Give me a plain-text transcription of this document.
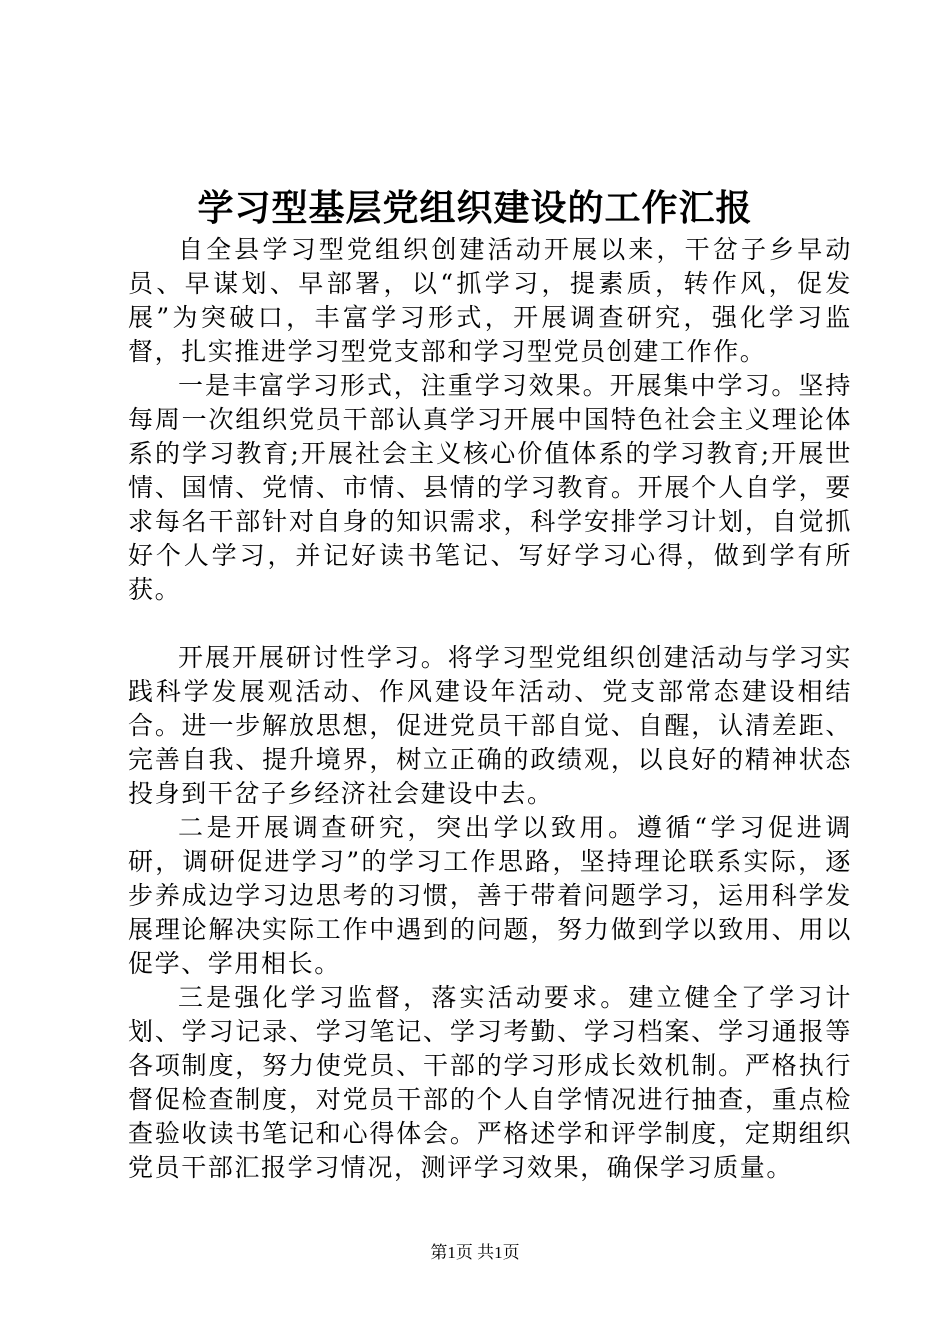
学习型基层党组织建设的工作汇报

自全县学习型党组织创建活动开展以来，干岔子乡早动员、早谋划、早部署，以“抓学习，提素质，转作风，促发展”为突破口，丰富学习形式，开展调查研究，强化学习监督，扎实推进学习型党支部和学习型党员创建工作作。

一是丰富学习形式，注重学习效果。开展集中学习。坚持每周一次组织党员干部认真学习开展中国特色社会主义理论体系的学习教育;开展社会主义核心价值体系的学习教育;开展世情、国情、党情、市情、县情的学习教育。开展个人自学，要求每名干部针对自身的知识需求，科学安排学习计划，自觉抓好个人学习，并记好读书笔记、写好学习心得，做到学有所获。

开展开展研讨性学习。将学习型党组织创建活动与学习实践科学发展观活动、作风建设年活动、党支部常态建设相结合。进一步解放思想，促进党员干部自觉、自醒，认清差距、完善自我、提升境界，树立正确的政绩观，以良好的精神状态投身到干岔子乡经济社会建设中去。

二是开展调查研究，突出学以致用。遵循“学习促进调研，调研促进学习”的学习工作思路，坚持理论联系实际，逐步养成边学习边思考的习惯，善于带着问题学习，运用科学发展理论解决实际工作中遇到的问题，努力做到学以致用、用以促学、学用相长。

三是强化学习监督，落实活动要求。建立健全了学习计划、学习记录、学习笔记、学习考勤、学习档案、学习通报等各项制度，努力使党员、干部的学习形成长效机制。严格执行督促检查制度，对党员干部的个人自学情况进行抽查，重点检查验收读书笔记和心得体会。严格述学和评学制度，定期组织党员干部汇报学习情况，测评学习效果，确保学习质量。

第1页 共1页
